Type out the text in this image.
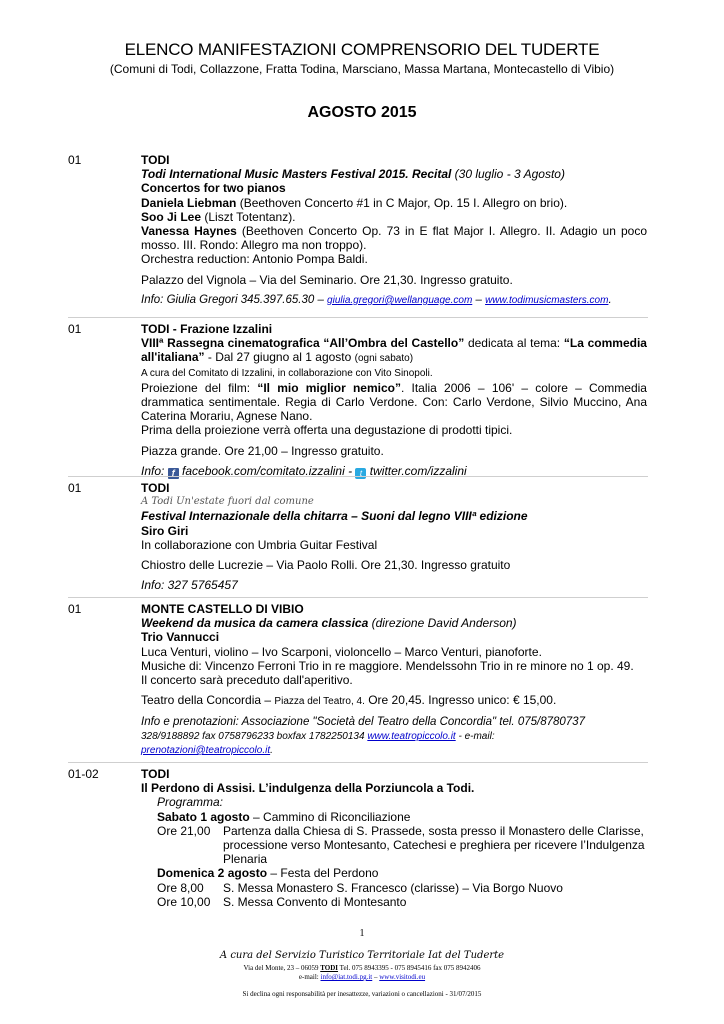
ELENCO MANIFESTAZIONI COMPRENSORIO DEL TUDERTE
(Comuni di Todi, Collazzone, Fratta Todina, Marsciano, Massa Martana, Montecastello di Vibio)
AGOSTO 2015
01	TODI

Todi International Music Masters Festival 2015. Recital (30 luglio - 3 Agosto)

Concertos for two pianos

Daniela Liebman (Beethoven Concerto #1 in C Major, Op. 15 I. Allegro on brio).

Soo Ji Lee (Liszt Totentanz).

Vanessa Haynes (Beethoven Concerto Op. 73 in E flat Major I. Allegro. II. Adagio un poco mosso. III. Rondo: Allegro ma non troppo).

Orchestra reduction: Antonio Pompa Baldi.

Palazzo del Vignola – Via del Seminario. Ore 21,30. Ingresso gratuito.

Info: Giulia Gregori 345.397.65.30 – giulia.gregori@wellanguage.com – www.todimusicmasters.com.

01	TODI - Frazione Izzalini

VIIIª Rassegna cinematografica “All’Ombra del Castello” dedicata al tema: “La commedia all'italiana” - Dal 27 giugno al 1 agosto (ogni sabato)

A cura del Comitato di Izzalini, in collaborazione con Vito Sinopoli.

Proiezione del film: “Il mio miglior nemico”. Italia 2006 – 106' – colore – Commedia drammatica sentimentale. Regia di Carlo Verdone. Con: Carlo Verdone, Silvio Muccino, Ana Caterina Morariu, Agnese Nano.

Prima della proiezione verrà offerta una degustazione di prodotti tipici.

Piazza grande. Ore 21,00 – Ingresso gratuito.

Info: f facebook.com/comitato.izzalini - t twitter.com/izzalini

01	TODI

A Todi Un'estate fuori dal comune

Festival Internazionale della chitarra – Suoni dal legno VIIIª edizione

Siro Giri

In collaborazione con Umbria Guitar Festival

Chiostro delle Lucrezie – Via Paolo Rolli. Ore 21,30. Ingresso gratuito

Info: 327 5765457

01	MONTE CASTELLO DI VIBIO

Weekend da musica da camera classica (direzione David Anderson)

Trio Vannucci

Luca Venturi, violino – Ivo Scarponi, violoncello – Marco Venturi, pianoforte.

Musiche di: Vincenzo Ferroni Trio in re maggiore. Mendelssohn Trio in re minore no 1 op. 49.

Il concerto sarà preceduto dall'aperitivo.

Teatro della Concordia – Piazza del Teatro, 4. Ore 20,45. Ingresso unico: € 15,00.

Info e prenotazioni: Associazione "Società del Teatro della Concordia" tel. 075/8780737

328/9188892 fax 0758796233 boxfax 1782250134 www.teatropiccolo.it - e-mail:

prenotazioni@teatropiccolo.it.

01-02	TODI

Il Perdono di Assisi. L’indulgenza della Porziuncola a Todi.

Programma:

Sabato 1 agosto – Cammino di Riconciliazione

Ore 21,00	Partenza dalla Chiesa di S. Prassede, sosta presso il Monastero delle Clarisse, processione verso Montesanto, Catechesi e preghiera per ricevere l’Indulgenza Plenaria

Domenica 2 agosto – Festa del Perdono

Ore 8,00	S. Messa Monastero S. Francesco (clarisse) – Via Borgo Nuovo
Ore 10,00	S. Messa Convento di Montesanto
1
A cura del Servizio Turistico Territoriale Iat del Tuderte
Via del Monte, 23 – 06059 TODI Tel. 075 8943395 - 075 8945416 fax 075 8942406
e-mail: info@iat.todi.pg.it – www.visitodi.eu
Si declina ogni responsabilità per inesattezze, variazioni o cancellazioni - 31/07/2015
